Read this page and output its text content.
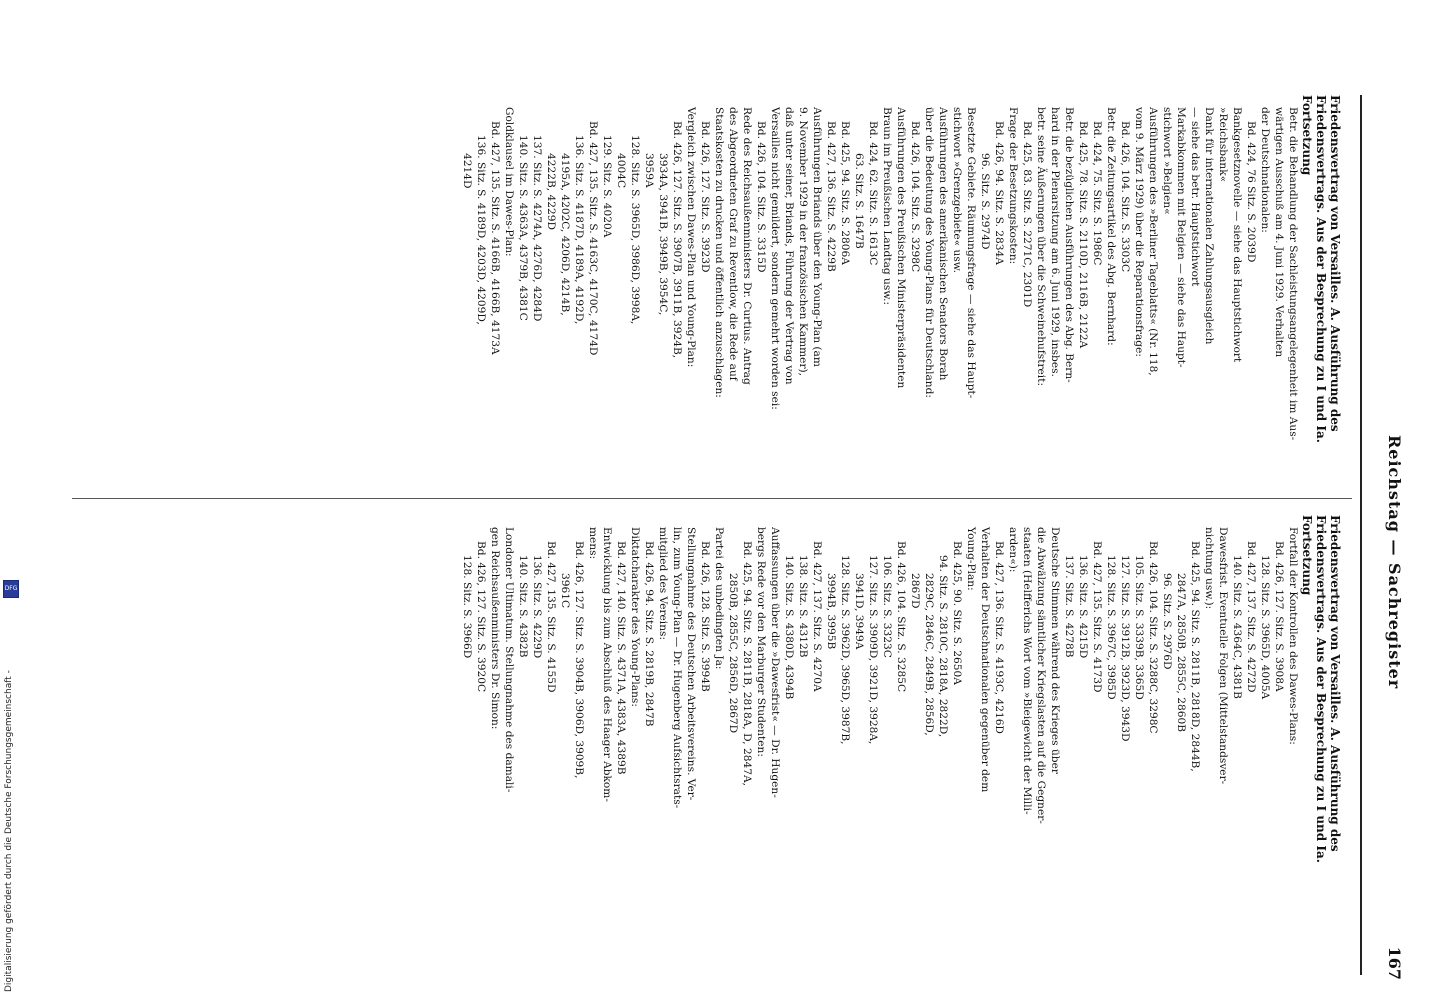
Reichstag — Sachregister
167
Friedensvertrag von Versailles. A. Ausführung des
Friedensvertrags. Aus der Besprechung zu I und Ia.
Fortsetzung
Betr. die Behandlung der Sachleistungsangelegenheit im Aus-
wärtigen Ausschuß am 4. Juni 1929. Verhalten
der Deutschnationalen:
Bd. 424, 76 Sitz. S. 2039D
Bankgesetznovelle — siehe das Hauptstichwort
»Reichsbank«
Dank für internationalen Zahlungsausgleich
— siehe das betr. Hauptstichwort
Markabkommen mit Belgien — siehe das Haupt-
stichwort »Belgien«
Ausführungen des »Berliner Tageblatts« (Nr. 118,
vom 9. März 1929) über die Reparationsfrage:
Bd. 426, 104. Sitz. S. 3303C
Betr. die Zeitungsartikel des Abg. Bernhard:
Bd. 424, 75. Sitz. S. 1986C
Bd. 425, 78. Sitz. S. 2110D, 2116B, 2122A
Betr. die bezüglichen Ausführungen des Abg. Bern-
hard in der Plenarsitzung am 6. Juni 1929, insbes.
betr. seine Äußerungen über die Schweinehufstreit:
Bd. 425, 83. Sitz. S. 2271C, 2301D
Frage der Besetzungskosten:
Bd. 426, 94. Sitz. S. 2834A
96. Sitz. S. 2974D
Besetzte Gebiete. Räumungsfrage — siehe das Haupt-
stichwort »Grenzgebiete« usw.
Ausführungen des amerikanischen Senators Borah
über die Bedeutung des Young-Plans für Deutschland:
Bd. 426, 104. Sitz. S. 3298C
Ausführungen des Preußischen Ministerpräsidenten
Braun im Preußischen Landtag usw.:
Bd. 424, 62. Sitz. S. 1613C
63. Sitz. S. 1647B
Bd. 425, 94. Sitz. S. 2806A
Bd. 427, 136. Sitz. S. 4229B
Ausführungen Briands über den Young-Plan (am
9. November 1929 in der französischen Kammer),
daß unter seiner, Briands, Führung der Vertrag von
Versailles nicht gemildert, sondern gemehrt worden sei:
Bd. 426, 104. Sitz. S. 3315D
Rede des Reichsaußenministers Dr. Curtius. Antrag
des Abgeordneten Graf zu Reventlow, die Rede auf
Staatskosten zu drucken und öffentlich anzuschlagen:
Bd. 426, 127. Sitz. S. 3923D
Vergleich zwischen Dawes-Plan und Young-Plan:
Bd. 426, 127. Sitz. S. 3907B, 3911B, 3924B,
3934A, 3941B, 3949B, 3954C,
3959A
128. Sitz. S. 3965D, 3986D, 3998A,
4004C
129. Sitz. S. 4020A
Bd. 427, 135. Sitz. S. 4163C, 4170C, 4174D
136. Sitz. S. 4187D, 4189A, 4192D,
4195A, 4202C, 4206D, 4214B,
4222B, 4229D
137. Sitz. S. 4274A, 4276D, 4284D
140. Sitz. S. 4363A, 4379B, 4381C
Goldklausel im Dawes-Plan:
Bd. 427, 135. Sitz. S. 4166B, 4166B, 4173A
136. Sitz. S. 4189D, 4203D, 4209D,
4214D
Friedensvertrag von Versailles. A. Ausführung des
Friedensvertrags. Aus der Besprechung zu I und Ia.
Fortsetzung
Fortfall der Kontrollen des Dawes-Plans:
Bd. 426, 127. Sitz. S. 3908A
128. Sitz. S. 3965D, 4005A
Bd. 427, 137. Sitz. S. 4272D
140. Sitz. S. 4364C, 4381B
Dawesfrist. Eventuelle Folgen (Mittelstandsver-
nichtung usw.):
Bd. 425, 94. Sitz. S. 2811B, 2818D, 2844B,
2847A, 2850B, 2855C, 2860B
96. Sitz. S. 2976D
Bd. 426, 104. Sitz. S. 3288C, 3298C
105. Sitz. S. 3339B, 3365D
127. Sitz. S. 3912B, 3923D, 3943D
128. Sitz. S. 3967C, 3985D
Bd. 427, 135. Sitz. S. 4173D
136. Sitz. S. 4215D
137. Sitz. S. 4278B
Deutsche Stimmen während des Krieges über
die Abwälzung sämtlicher Kriegslasten auf die Gegner-
staaten (Helfferichs Wort vom »Bleigewicht der Milli-
arden«):
Bd. 427, 136. Sitz. S. 4193C, 4216D
Verhalten der Deutschnationalen gegenüber dem
Young-Plan:
Bd. 425, 90. Sitz. S. 2650A
94. Sitz. S. 2810C, 2818A, 2822D,
2829C, 2846C, 2849B, 2856D,
2867D
Bd. 426, 104. Sitz. S. 3285C
106. Sitz. S. 3323C
127. Sitz. S. 3909D, 3921D, 3928A,
3941D, 3949A
128. Sitz. S. 3962D, 3965D, 3987B,
3994B, 3995B
Bd. 427, 137. Sitz. S. 4270A
138. Sitz. S. 4312B
140. Sitz. S. 4380D, 4394B
Auffassungen über die »Dawesfrist« — Dr. Hugen-
bergs Rede vor den Marburger Studenten:
Bd. 425, 94. Sitz. S. 2811B, 2818A, D, 2847A,
2850B, 2855C, 2856D, 2867D
Partei des unbedingten Ja:
Bd. 426, 128. Sitz. S. 3994B
Stellungnahme des Deutschen Arbeitsvereins. Ver-
lin, zum Young-Plan — Dr. Hugenberg Aufsichtsrats-
mitglied des Vereins:
Bd. 426, 94. Sitz. S. 2819B, 2847B
Diktatcharakter des Young-Plans:
Bd. 427, 140. Sitz. S. 4371A, 4383A, 4389B
Entwicklung bis zum Abschluß des Haager Abkom-
mens:
Bd. 426, 127. Sitz. S. 3904B, 3906D, 3909B,
3961C
Bd. 427, 135. Sitz. S. 4155D
136. Sitz. S. 4229D
140. Sitz. S. 4382B
Londoner Ultimatum. Stellungnahme des damali-
gen Reichsaußenministers Dr. Simon:
Bd. 426, 127. Sitz. S. 3920C
128. Sitz. S. 3966D
DFG
Digitalisierung gefördert durch die Deutsche Forschungsgemeinschaft -
